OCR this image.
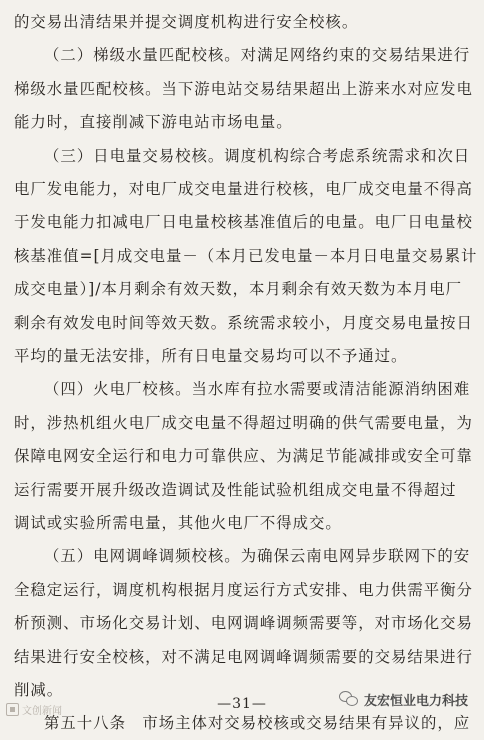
的交易出清结果并提交调度机构进行安全校核。
（二）梯级水量匹配校核。对满足网络约束的交易结果进行
梯级水量匹配校核。当下游电站交易结果超出上游来水对应发电
能力时，直接削减下游电站市场电量。
（三）日电量交易校核。调度机构综合考虑系统需求和次日
电厂发电能力，对电厂成交电量进行校核，电厂成交电量不得高
于发电能力扣减电厂日电量校核基准值后的电量。电厂日电量校
核基准值=[月成交电量－（本月已发电量－本月日电量交易累计
成交电量）]/本月剩余有效天数，本月剩余有效天数为本月电厂
剩余有效发电时间等效天数。系统需求较小，月度交易电量按日
平均的量无法安排，所有日电量交易均可以不予通过。
（四）火电厂校核。当水库有拉水需要或清洁能源消纳困难
时，涉热机组火电厂成交电量不得超过明确的供气需要电量，为
保障电网安全运行和电力可靠供应、为满足节能减排或安全可靠
运行需要开展升级改造调试及性能试验机组成交电量不得超过
调试或实验所需电量，其他火电厂不得成交。
（五）电网调峰调频校核。为确保云南电网异步联网下的安
全稳定运行，调度机构根据月度运行方式安排、电力供需平衡分
析预测、市场化交易计划、电网调峰调频需要等，对市场化交易
结果进行安全校核，对不满足电网调峰调频需要的交易结果进行
削减。
第五十八条　市场主体对交易校核或交易结果有异议的，应
—31—
文创新闻
友宏恒业电力科技
